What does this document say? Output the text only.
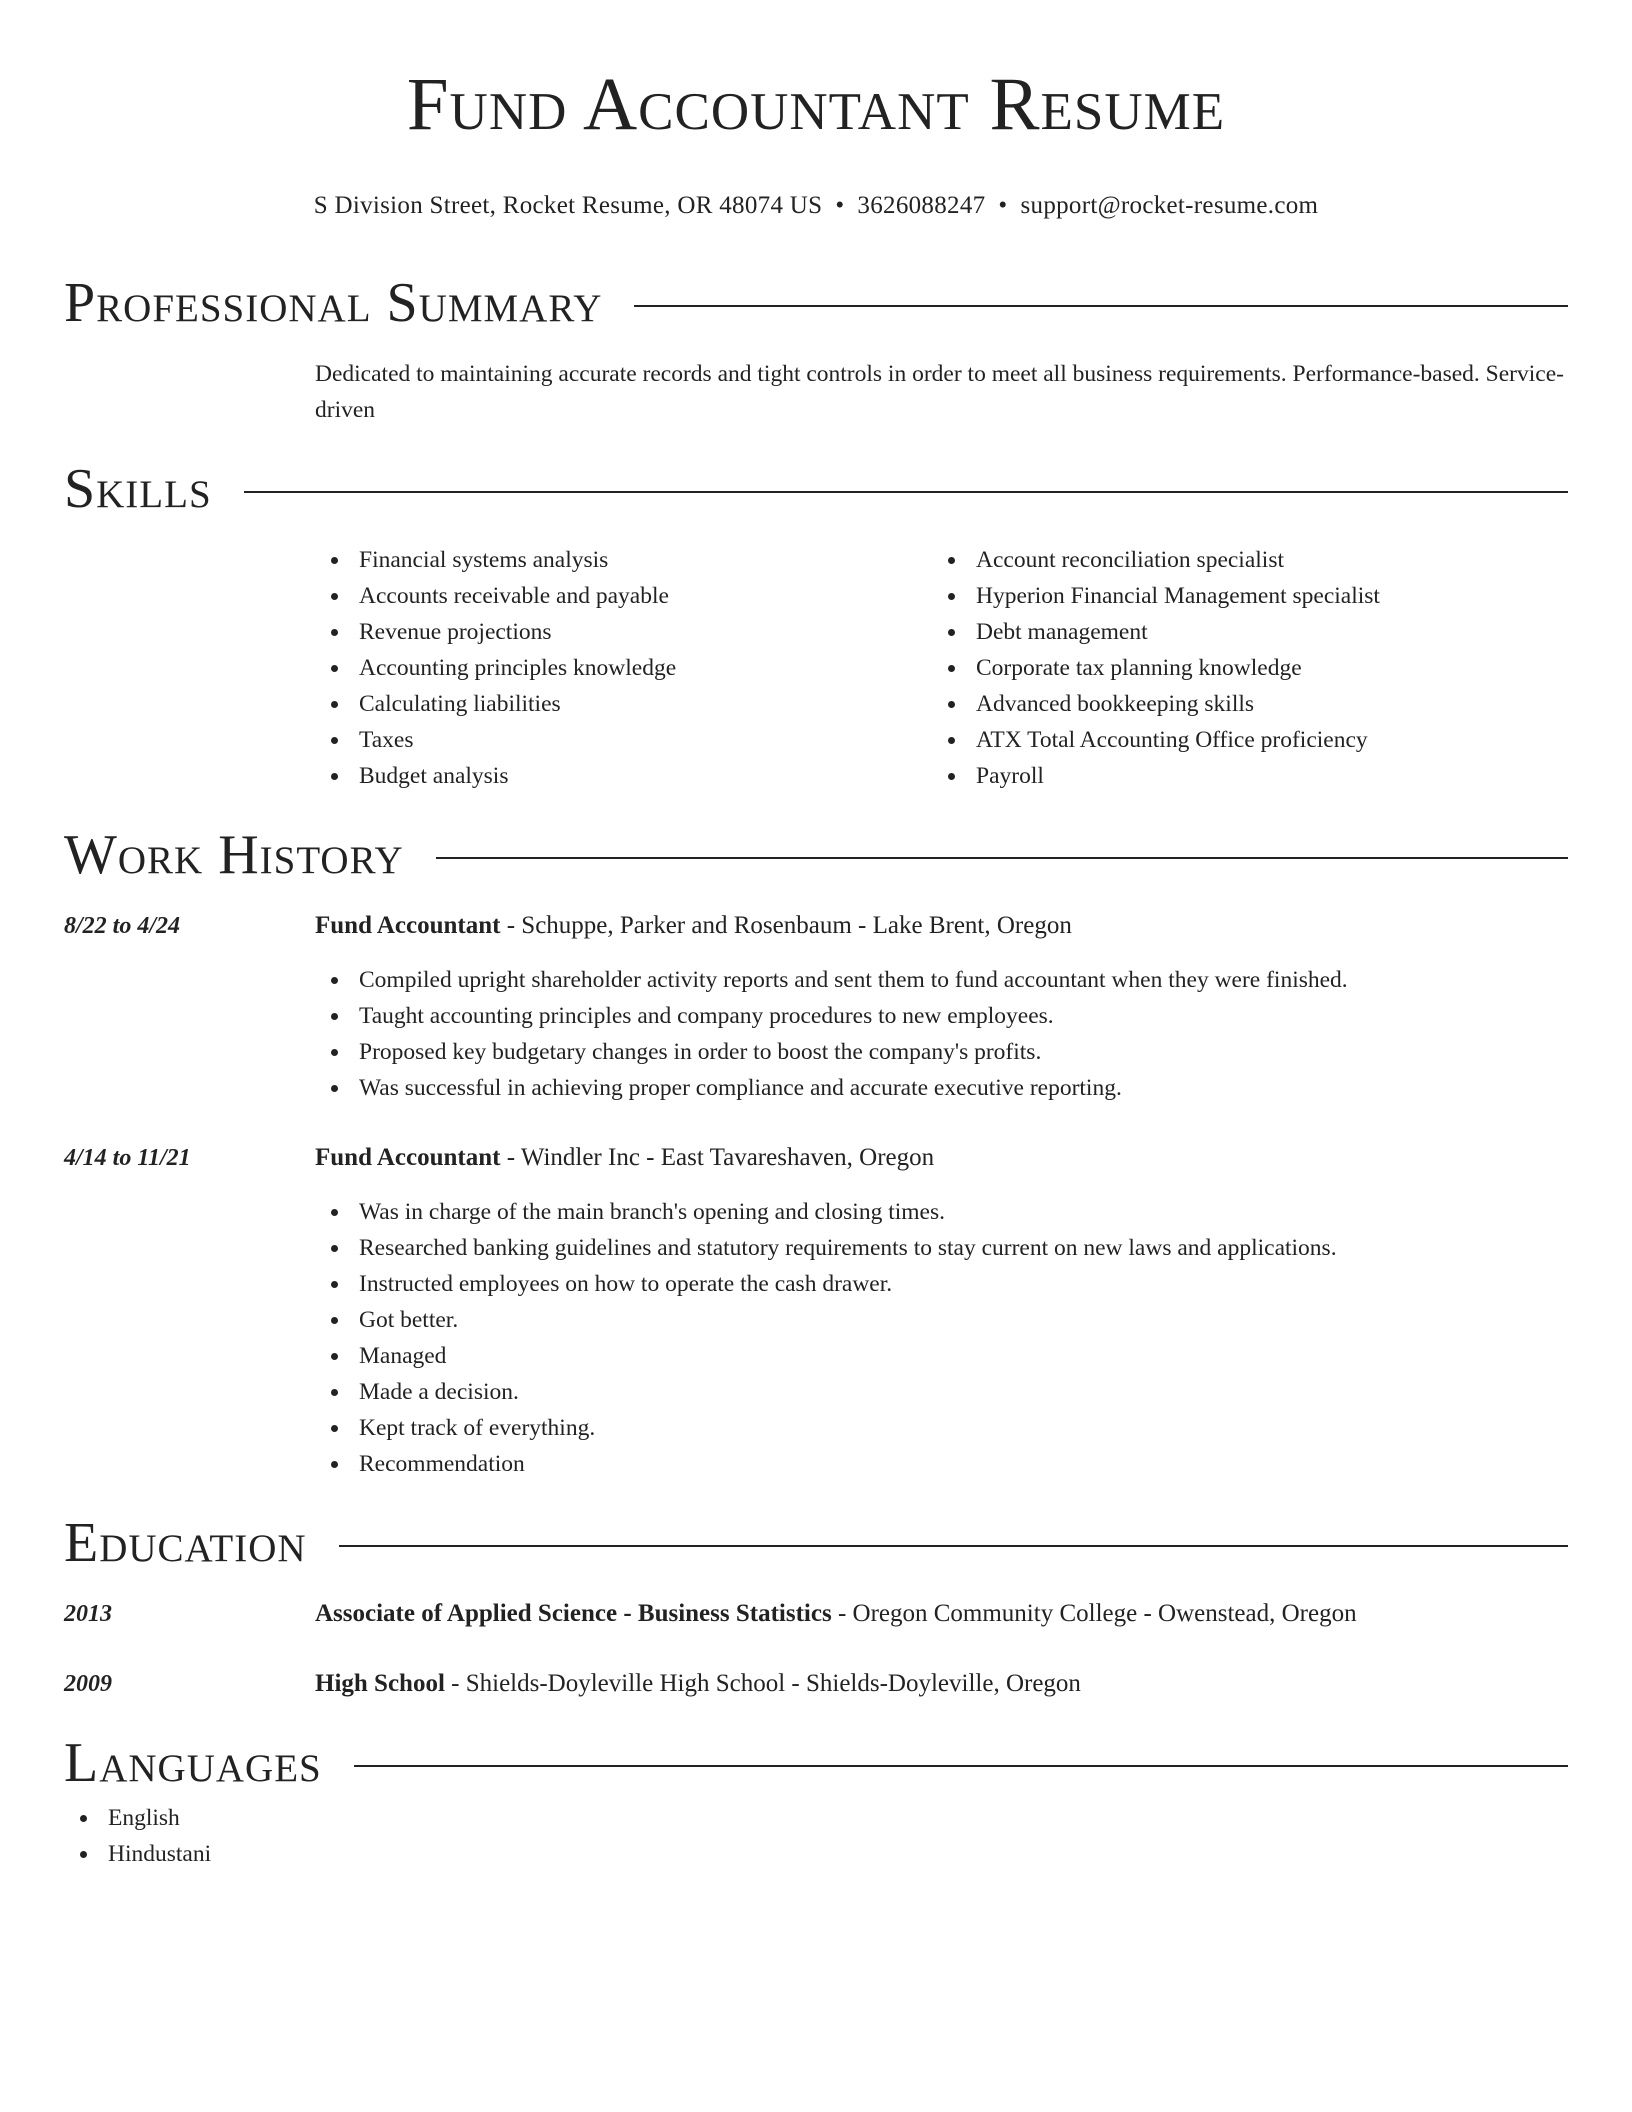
Fund Accountant Resume
S Division Street, Rocket Resume, OR 48074 US • 3626088247 • support@rocket-resume.com
Professional Summary

Dedicated to maintaining accurate records and tight controls in order to meet all business requirements. Performance-based. Service-driven

Skills
Financial systems analysis
Accounts receivable and payable
Revenue projections
Accounting principles knowledge
Calculating liabilities
Taxes
Budget analysis
Account reconciliation specialist
Hyperion Financial Management specialist
Debt management
Corporate tax planning knowledge
Advanced bookkeeping skills
ATX Total Accounting Office proficiency
Payroll
Work History
8/22 to 4/24	Fund Accountant - Schuppe, Parker and Rosenbaum - Lake Brent, Oregon
Compiled upright shareholder activity reports and sent them to fund accountant when they were finished.
Taught accounting principles and company procedures to new employees.
Proposed key budgetary changes in order to boost the company's profits.
Was successful in achieving proper compliance and accurate executive reporting.
4/14 to 11/21	Fund Accountant - Windler Inc - East Tavareshaven, Oregon
Was in charge of the main branch's opening and closing times.
Researched banking guidelines and statutory requirements to stay current on new laws and applications.
Instructed employees on how to operate the cash drawer.
Got better.
Managed
Made a decision.
Kept track of everything.
Recommendation
Education
2013	Associate of Applied Science - Business Statistics - Oregon Community College - Owenstead, Oregon
2009	High School - Shields-Doyleville High School - Shields-Doyleville, Oregon
Languages
English
Hindustani
